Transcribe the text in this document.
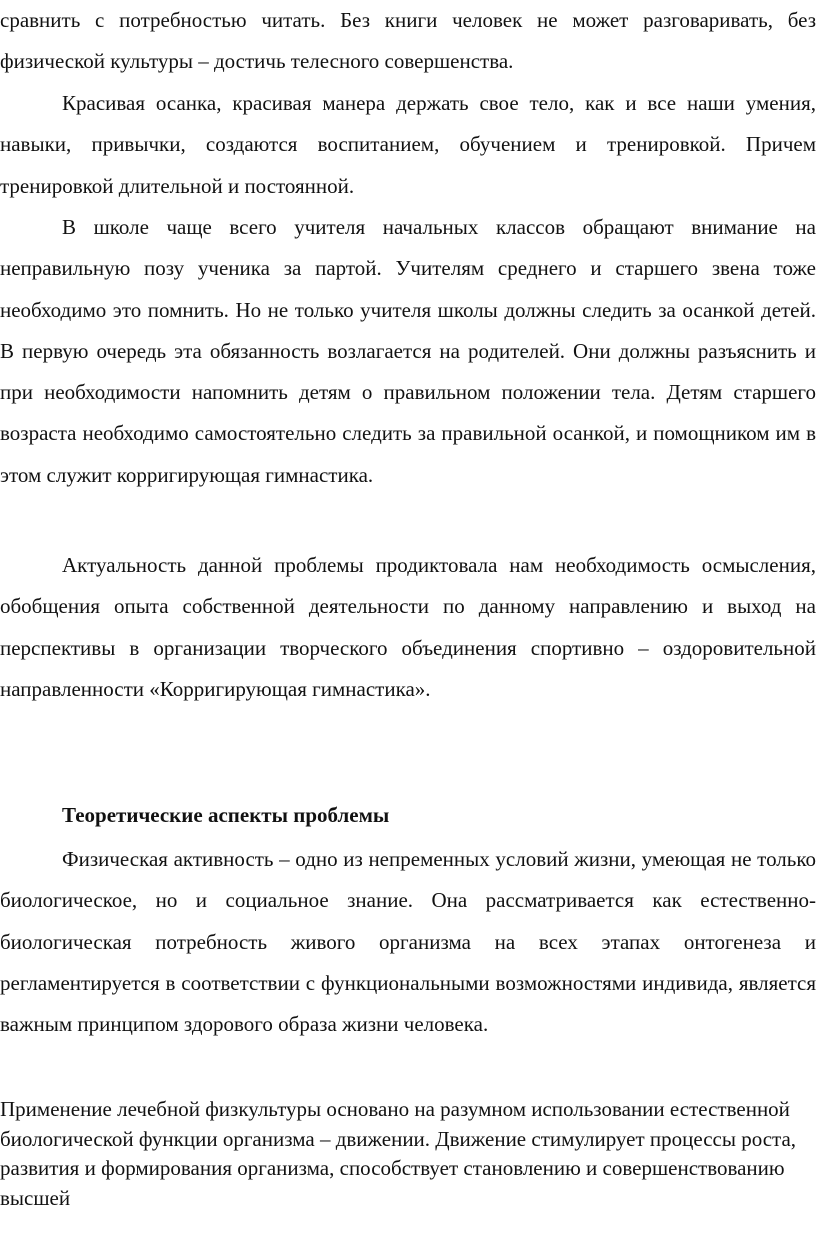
сравнить с потребностью читать. Без книги человек не может разговаривать, без физической культуры – достичь телесного совершенства.

Красивая осанка, красивая манера держать свое тело, как и все наши умения, навыки, привычки, создаются воспитанием, обучением и тренировкой. Причем тренировкой длительной и постоянной.

В школе чаще всего учителя начальных классов обращают внимание на неправильную позу ученика за партой. Учителям среднего и старшего звена тоже необходимо это помнить. Но не только учителя школы должны следить за осанкой детей. В первую очередь эта обязанность возлагается на родителей. Они должны разъяснить и при необходимости напомнить детям о правильном положении тела. Детям старшего возраста необходимо самостоятельно следить за правильной осанкой, и помощником им в этом служит корригирующая гимнастика.

Актуальность данной проблемы продиктовала нам необходимость осмысления, обобщения опыта собственной деятельности по данному направлению и выход на перспективы в организации творческого объединения спортивно – оздоровительной направленности «Корригирующая гимнастика».

Теоретические аспекты проблемы

Физическая активность – одно из непременных условий жизни, умеющая не только биологическое, но и социальное знание. Она рассматривается как естественно-биологическая потребность живого организма на всех этапах онтогенеза и регламентируется в соответствии с функциональными возможностями индивида, является важным принципом здорового образа жизни человека.

Применение лечебной физкультуры основано на разумном использовании естественной биологической функции организма – движении. Движение стимулирует процессы роста, развития и формирования организма, способствует становлению и совершенствованию высшей
